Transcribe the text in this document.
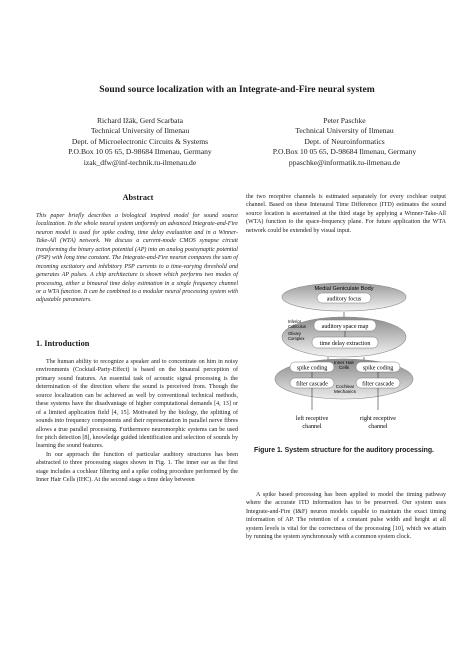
Sound source localization with an Integrate-and-Fire neural system
Richard Ižák, Gerd Scarbata
Technical University of Ilmenau
Dept. of Microelectronic Circuits & Systems
P.O.Box 10 05 65, D-98684 Ilmenau, Germany
izak_dfw@inf-technik.tu-ilmenau.de
Peter Paschke
Technical University of Ilmenau
Dept. of Neuroinformatics
P.O.Box 10 05 65, D-98684 Ilmenau, Germany
ppaschke@informatik.tu-ilmenau.de
Abstract
This paper briefly describes a biological inspired model for sound source localization. In the whole neural system uniformly an advanced Integrate-and-Fire neuron model is used for spike coding, time delay evaluation and in a Winner-Take-All (WTA) network. We discuss a current-mode CMOS synapse circuit transforming the binary action potential (AP) into an analog postsynaptic potential (PSP) with long time constant. The Integrate-and-Fire neuron compares the sum of incoming excitatory and inhibitory PSP currents to a time-varying threshold and generates AP pulses. A chip architecture is shown which performs two modes of processing, either a binaural time delay estimation in a single frequency channel or a WTA function. It can be combined to a modular neural processing system with adjustable parameters.
1. Introduction

The human ability to recognize a speaker and to concentrate on him in noisy environments (Cocktail-Party-Effect) is based on the binaural perception of primary sound features. An essential task of acoustic signal processing is the determination of the direction where the sound is perceived from. Though the source localization can be achieved as well by conventional technical methods, these systems have the disadvantage of higher computational demands [4, 13] or of a limited application field [4, 15]. Motivated by the biology, the splitting of sounds into frequency components and their representation in parallel nerve fibres allows a true parallel processing. Furthermore neuromorphic systems can be used for pitch detection [8], knowledge guided identification and selection of sounds by learning the sound features.

In our approach the function of particular auditory structures has been abstracted to three processing stages shown in Fig. 1. The inner ear as the first stage includes a cochlear filtering and a spike coding procedure performed by the Inner Hair Cells (IHC). At the second stage a time delay between

the two receptive channels is estimated separately for every cochlear output channel. Based on these Interaural Time Difference (ITD) estimates the sound source location is ascertained at the third stage by applying a Winner-Take-All (WTA) function to the space-frequency plane. For future application the WTA network could be extended by visual input.

Medial Geniculate Body
auditory focus
auditory space map
time delay extraction
Inferior
Colliculus
Olivary
Complex
Inner Hair
Cells
spike coding	spike coding
filter cascade	filter cascade
Cochlear
Mechanics
left receptive
channel
right receptive
channel
Figure 1. System structure for the auditory processing.

A spike based processing has been applied to model the timing pathway where the accurate ITD information has to be preserved. Our system uses Integrate-and-Fire (I&F) neuron models capable to maintain the exact timing information of AP. The retention of a constant pulse width and height at all system levels is vital for the correctness of the processing [10], which we attain by running the system synchronously with a common system clock.
